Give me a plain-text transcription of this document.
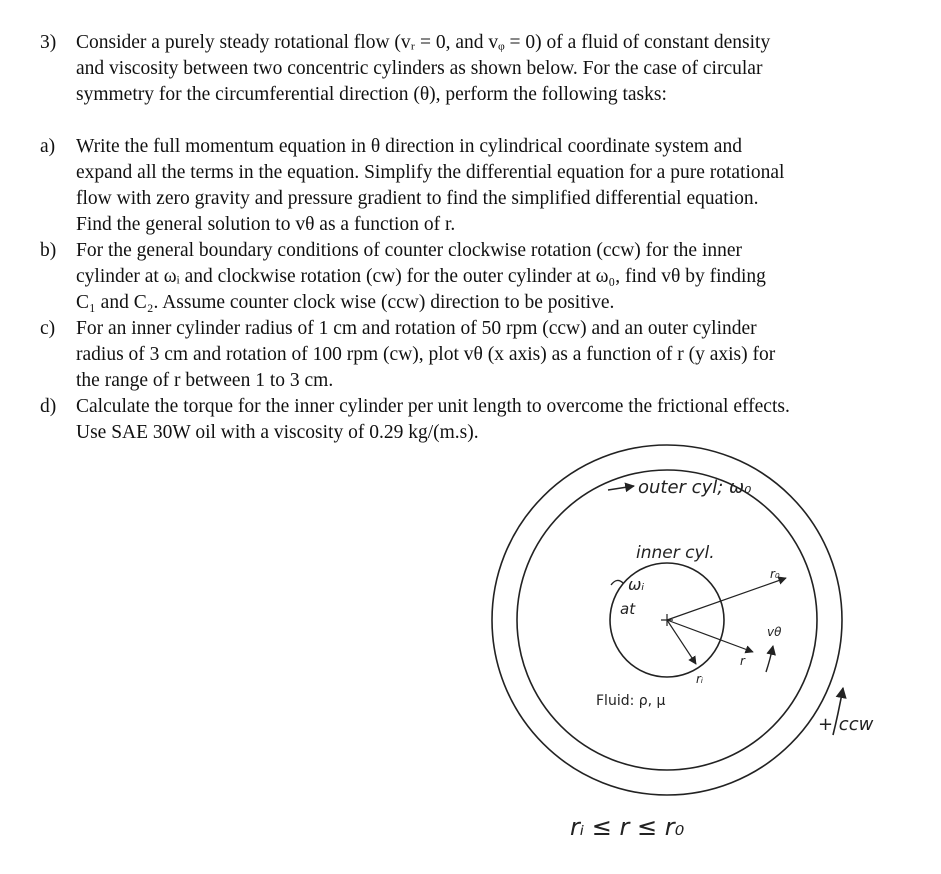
3) Consider a purely steady rotational flow (vᵣ = 0, and vᵩ = 0) of a fluid of constant density
and viscosity between two concentric cylinders as shown below. For the case of circular
symmetry for the circumferential direction (θ), perform the following tasks:
a) Write the full momentum equation in θ direction in cylindrical coordinate system and
expand all the terms in the equation. Simplify the differential equation for a pure rotational
flow with zero gravity and pressure gradient to find the simplified differential equation.
Find the general solution to vθ as a function of r.
b) For the general boundary conditions of counter clockwise rotation (ccw) for the inner
cylinder at ωᵢ and clockwise rotation (cw) for the outer cylinder at ω₀, find vθ by finding
C₁ and C₂. Assume counter clock wise (ccw) direction to be positive.
c) For an inner cylinder radius of 1 cm and rotation of 50 rpm (ccw) and an outer cylinder
radius of 3 cm and rotation of 100 rpm (cw), plot vθ (x axis) as a function of r (y axis) for
the range of r between 1 to 3 cm.
d) Calculate the torque for the inner cylinder per unit length to overcome the frictional effects.
Use SAE 30W oil with a viscosity of 0.29 kg/(m.s).
outer cyl; ω₀
inner cyl.
ωᵢ
at
Fluid: ρ, μ
r₀
rᵢ
r
vθ
+ ccw
rᵢ ≤ r ≤ r₀
